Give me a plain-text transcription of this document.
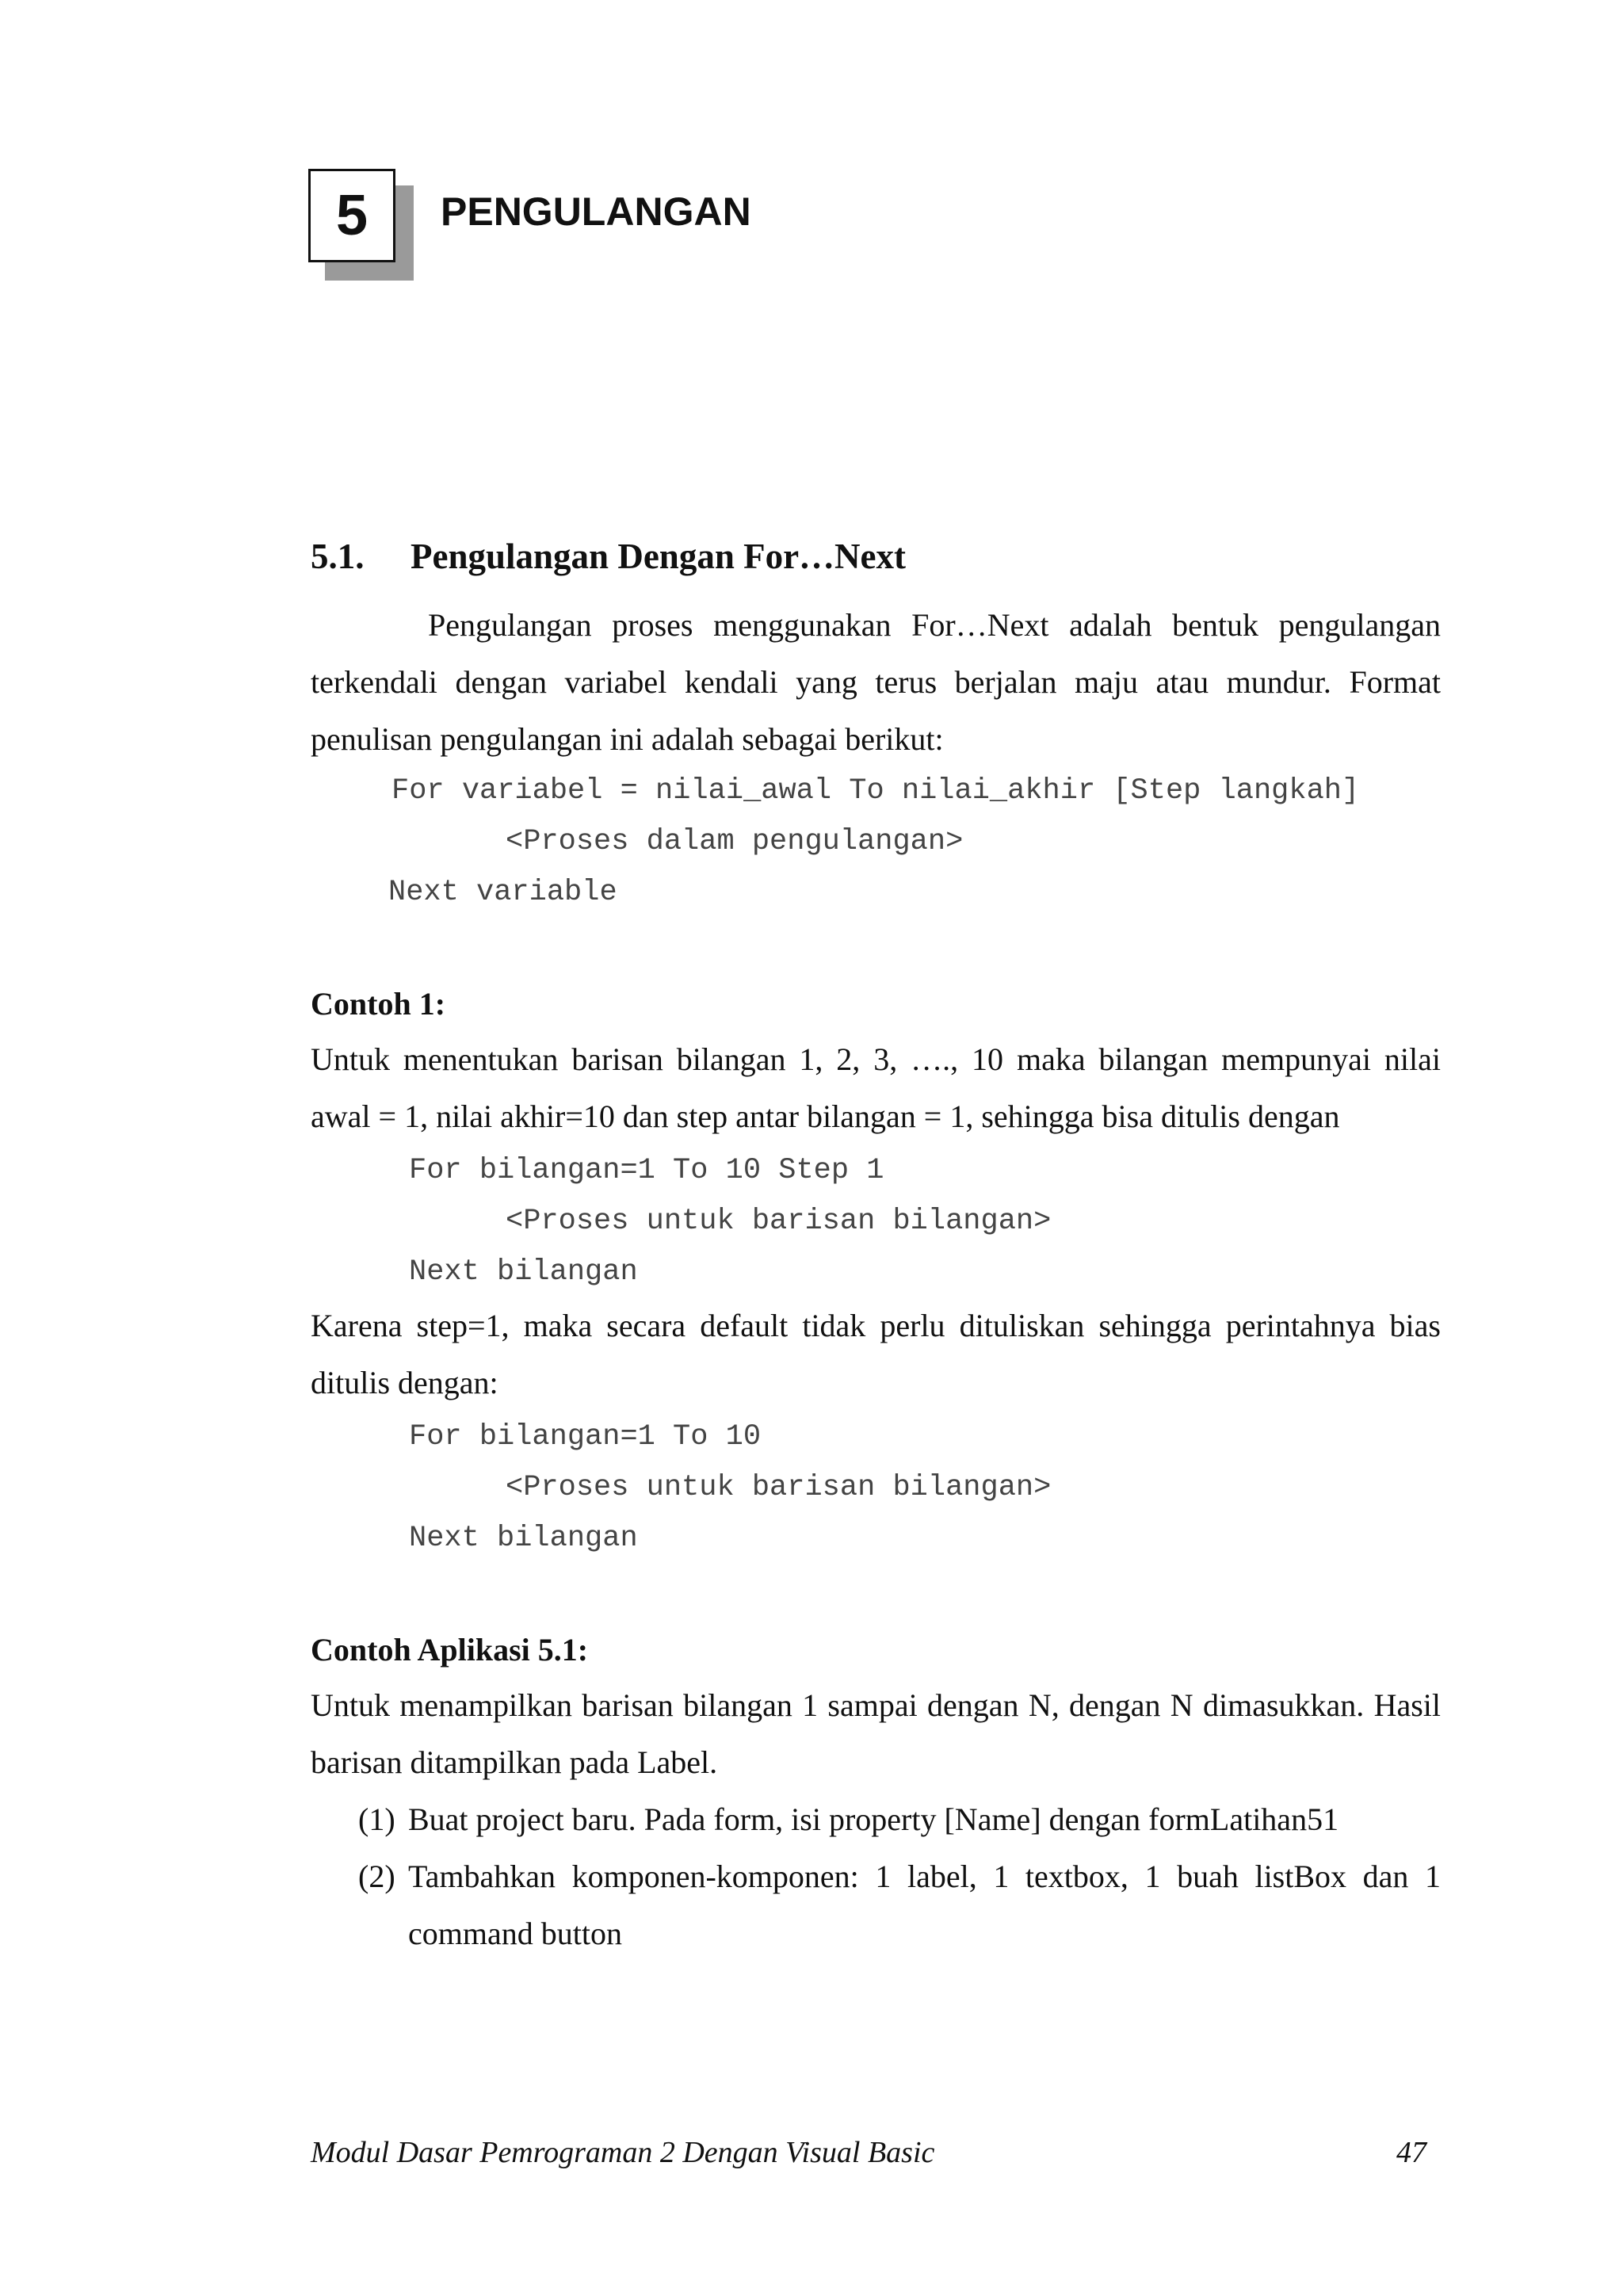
5 PENGULANGAN
5.1. Pengulangan Dengan For…Next

Pengulangan proses menggunakan For…Next adalah bentuk pengulangan terkendali dengan variabel kendali yang terus berjalan maju atau mundur. Format penulisan pengulangan ini adalah sebagai berikut:

For variabel = nilai_awal To nilai_akhir [Step langkah]
<Proses dalam pengulangan>
Next variable
Contoh 1:

Untuk menentukan barisan bilangan 1, 2, 3, …., 10 maka bilangan mempunyai nilai awal = 1, nilai akhir=10 dan step antar bilangan = 1, sehingga bisa ditulis dengan

For bilangan=1 To 10 Step 1
<Proses untuk barisan bilangan>
Next bilangan

Karena step=1, maka secara default tidak perlu dituliskan sehingga perintahnya bias ditulis dengan:

For bilangan=1 To 10
<Proses untuk barisan bilangan>
Next bilangan
Contoh Aplikasi 5.1:

Untuk menampilkan barisan bilangan 1 sampai dengan N, dengan N dimasukkan. Hasil barisan ditampilkan pada Label.

(1) Buat project baru. Pada form, isi property [Name] dengan formLatihan51
(2) Tambahkan komponen-komponen: 1 label, 1 textbox, 1 buah listBox dan 1 command button
Modul Dasar Pemrograman 2 Dengan Visual Basic	47
